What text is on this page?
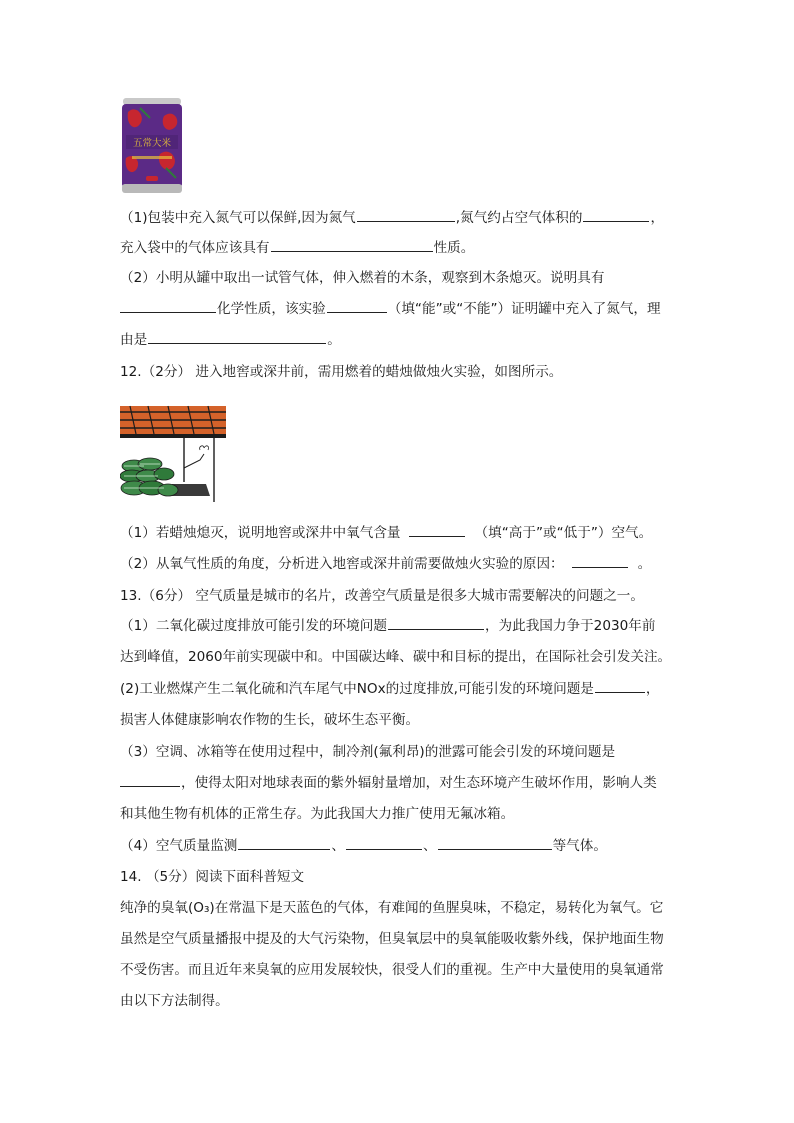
五常大米
（1)包装中充入氮气可以保鲜,因为氮气	,氮气约占空气体积的	，
充入袋中的气体应该具有	性质。
（2）小明从罐中取出一试管气体，伸入燃着的木条，观察到木条熄灭。说明具有
化学性质，该实验	（填“能”或“不能”）证明罐中充入了氮气，理
由是	。
12.（2分） 进入地窖或深井前，需用燃着的蜡烛做烛火实验，如图所示。
（1）若蜡烛熄灭，说明地窖或深井中氧气含量	（填“高于”或“低于”）空气。
（2）从氧气性质的角度，分析进入地窖或深井前需要做烛火实验的原因：	。
13.（6分） 空气质量是城市的名片，改善空气质量是很多大城市需要解决的问题之一。
（1）二氧化碳过度排放可能引发的环境问题	，为此我国力争于2030年前
达到峰值，2060年前实现碳中和。中国碳达峰、碳中和目标的提出，在国际社会引发关注。
(2)工业燃煤产生二氧化硫和汽车尾气中NOx的过度排放,可能引发的环境问题是	，
损害人体健康影响农作物的生长，破坏生态平衡。
（3）空调、冰箱等在使用过程中，制冷剂(氟利昂)的泄露可能会引发的环境问题是
，使得太阳对地球表面的紫外辐射量增加，对生态环境产生破坏作用，影响人类
和其他生物有机体的正常生存。为此我国大力推广使用无氟冰箱。
（4）空气质量监测	、	、	等气体。
14. （5分）阅读下面科普短文
纯净的臭氧(O₃)在常温下是天蓝色的气体，有难闻的鱼腥臭味，不稳定，易转化为氧气。它
虽然是空气质量播报中提及的大气污染物，但臭氧层中的臭氧能吸收紫外线，保护地面生物
不受伤害。而且近年来臭氧的应用发展较快，很受人们的重视。生产中大量使用的臭氧通常
由以下方法制得。
